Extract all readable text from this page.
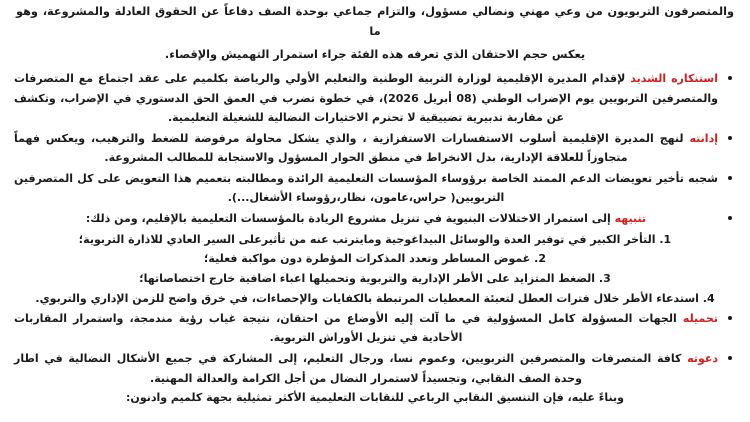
والمتصرفون التربويون من وعي مهني ونضالي مسؤول، والتزام جماعي بوحدة الصف دفاعاً عن الحقوق العادلة والمشروعة، وهو ما

يعكس حجم الاحتقان الذي تعرفه هذه الفئة جراء استمرار التهميش والإقصاء.

استنكاره الشديد لإقدام المديرة الإقليمية لوزارة التربية الوطنية والتعليم الأولي والرياضة بكلميم على عقد اجتماع مع المتصرفات والمتصرفين التربويين يوم الإضراب الوطني (08 أبريل 2026)، في خطوة تضرب في العمق الحق الدستوري في الإضراب، وتكشف عن مقاربة تدبيرية تضييقية لا تحترم الاختيارات النضالية للشغيلة التعليمية.
إدانته لنهج المديرة الإقليمية أسلوب الاستفسارات الاستفزازية ، والذي يشكل محاولة مرفوضة للضغط والترهيب، ويعكس فهماً متجاوزاً للعلاقة الإدارية، بدل الانخراط في منطق الحوار المسؤول والاستجابة للمطالب المشروعة.
شجبه تأخير تعويضات الدعم الممتد الخاصة برؤوساء المؤسسات التعليمية الرائدة ومطالبته بتعميم هذا التعويض على كل المتصرفين التربويين( حراس،عامون، نظار،رؤوساء الأشغال...).
تنبيهه إلى استمرار الاختلالات البنيوية في تنزيل مشروع الريادة بالمؤسسات التعليمية بالإقليم، ومن ذلك:
1. التأخر الكبير في توفير العدة والوسائل البيداغوجية ومايترتب عنه من تأثيرعلى السير العادي للاذارة التربوية؛
2. غموض المساطر وتعدد المذكرات المؤطرة دون مواكبة فعلية؛
3. الضغط المتزايد على الأطر الإدارية والتربوية وتحميلها اعباء اضافية خارج اختصاصاتها؛
4. استدعاء الأطر خلال فترات العطل لتعبئة المعطيات المرتبطة بالكفايات والإحصاءات، في خرق واضح للزمن الإداري والتربوي.
تحميله الجهات المسؤولة كامل المسؤولية في ما آلت إليه الأوضاع من احتقان، نتيجة غياب رؤية مندمجة، واستمرار المقاربات الأحادية في تنزيل الأوراش التربوية.
دعوته كافة المتصرفات والمتصرفين التربويين، وعموم نسا، ورجال التعليم، إلى المشاركة في جميع الأشكال النضالية في اطار وحدة الصف النقابي، وتجسيداً لاستمرار النضال من أجل الكرامة والعدالة المهنية.

وبناءً عليه، فإن التنسيق النقابي الرباعي للنقابات التعليمية الأكثر تمثيلية بجهة كلميم وادنون:
